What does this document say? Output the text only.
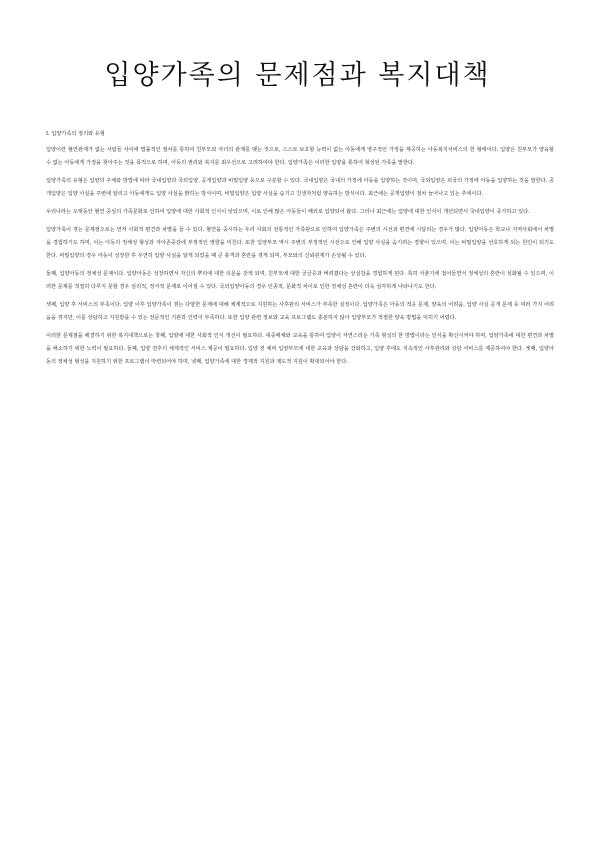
입양가족의 문제점과 복지대책
Ⅰ. 입양가족의 정의와 유형

입양이란 혈연관계가 없는 사람들 사이에 법률적인 절차를 통하여 친부모와 자녀의 관계를 맺는 것으로, 스스로 보호할 능력이 없는 아동에게 영구적인 가정을 제공하는 아동복지서비스의 한 형태이다. 입양은 친부모가 양육할 수 없는 아동에게 가정을 찾아주는 것을 목적으로 하며, 아동의 권리와 복지를 최우선으로 고려하여야 한다. 입양가족은 이러한 입양을 통하여 형성된 가족을 말한다.

입양가족의 유형은 입양의 주체와 방법에 따라 국내입양과 국외입양, 공개입양과 비밀입양 등으로 구분할 수 있다. 국내입양은 국내의 가정에 아동을 입양하는 것이며, 국외입양은 외국의 가정에 아동을 입양하는 것을 말한다. 공개입양은 입양 사실을 주변에 알리고 아동에게도 입양 사실을 밝히는 방식이며, 비밀입양은 입양 사실을 숨기고 친생자처럼 양육하는 방식이다. 최근에는 공개입양이 점차 늘어나고 있는 추세이다.

우리나라는 오랫동안 혈연 중심의 가족문화로 인하여 입양에 대한 사회적 인식이 낮았으며, 이로 인해 많은 아동들이 해외로 입양되어 왔다. 그러나 최근에는 입양에 대한 인식이 개선되면서 국내입양이 증가하고 있다.

입양가족이 겪는 문제점으로는 먼저 사회적 편견과 차별을 들 수 있다. 혈연을 중시하는 우리 사회의 전통적인 가족관으로 인하여 입양가족은 주변의 시선과 편견에 시달리는 경우가 많다. 입양아동은 학교나 지역사회에서 차별을 경험하기도 하며, 이는 아동의 정체성 형성과 자아존중감에 부정적인 영향을 미친다. 또한 입양부모 역시 주변의 부정적인 시선으로 인해 입양 사실을 숨기려는 경향이 있으며, 이는 비밀입양을 선호하게 되는 원인이 되기도 한다. 비밀입양의 경우 아동이 성장한 후 우연히 입양 사실을 알게 되었을 때 큰 충격과 혼란을 겪게 되며, 부모와의 신뢰관계가 손상될 수 있다.

둘째, 입양아동의 정체성 문제이다. 입양아동은 성장하면서 자신의 뿌리에 대한 의문을 갖게 되며, 친부모에 대한 궁금증과 버려졌다는 상실감을 경험하게 된다. 특히 사춘기에 접어들면서 정체성의 혼란이 심화될 수 있으며, 이러한 문제를 적절히 다루지 못할 경우 심리적, 정서적 문제로 이어질 수 있다. 국외입양아동의 경우 인종적, 문화적 차이로 인한 정체성 혼란이 더욱 심각하게 나타나기도 한다.

셋째, 입양 후 서비스의 부족이다. 입양 이후 입양가족이 겪는 다양한 문제에 대해 체계적으로 지원하는 사후관리 서비스가 부족한 실정이다. 입양가족은 아동의 적응 문제, 양육의 어려움, 입양 사실 공개 문제 등 여러 가지 어려움을 겪지만, 이를 상담하고 지원받을 수 있는 전문적인 기관과 인력이 부족하다. 또한 입양 관련 정보와 교육 프로그램도 충분하지 않아 입양부모가 적절한 양육 방법을 익히기 어렵다.

이러한 문제점을 해결하기 위한 복지대책으로는 첫째, 입양에 대한 사회적 인식 개선이 필요하다. 대중매체와 교육을 통하여 입양이 자연스러운 가족 형성의 한 방법이라는 인식을 확산시켜야 하며, 입양가족에 대한 편견과 차별을 해소하기 위한 노력이 필요하다. 둘째, 입양 전후의 체계적인 서비스 제공이 필요하다. 입양 전 예비 입양부모에 대한 교육과 상담을 강화하고, 입양 후에도 지속적인 사후관리와 상담 서비스를 제공하여야 한다. 셋째, 입양아동의 정체성 형성을 지원하기 위한 프로그램이 마련되어야 하며, 넷째, 입양가족에 대한 경제적 지원과 제도적 지원이 확대되어야 한다.
